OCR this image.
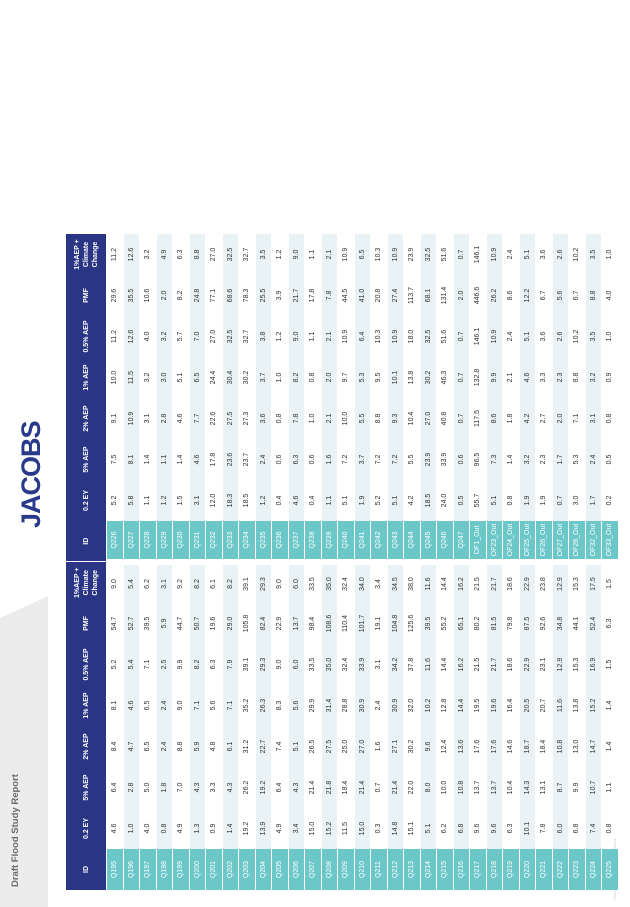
Draft Flood Study Report
JACOBS
ID	0.2 EY	5% AEP	2% AEP	1% AEP	0.5% AEP	PMF	1%AEP + Climate Change	ID	0.2 EY	5% AEP	2% AEP	1% AEP	0.5% AEP	PMF	1%AEP + Climate Change
Q195	4.6	6.4	8.4	8.1	5.2	54.7	9.0	Q226	5.2	7.5	9.1	10.0	11.2	29.6	11.2
Q196	1.0	2.8	4.7	4.6	5.4	52.7	5.4	Q227	5.8	8.1	10.9	11.5	12.6	35.5	12.6
Q197	4.0	5.0	6.5	6.5	7.1	39.5	6.2	Q228	1.1	1.4	3.1	3.2	4.0	10.6	3.2
Q198	0.8	1.8	2.4	2.4	2.5	5.9	3.1	Q229	1.2	1.1	2.8	3.0	3.2	2.0	4.9
Q199	4.9	7.0	8.8	9.0	9.9	44.7	9.2	Q230	1.5	1.4	4.6	5.1	5.7	8.2	6.3
Q200	1.3	4.3	5.9	7.1	8.2	50.7	8.2	Q231	3.1	4.6	7.7	6.5	7.0	24.8	8.8
Q201	0.9	3.3	4.8	5.6	6.3	19.6	6.1	Q232	12.0	17.8	22.6	24.4	27.0	77.1	27.0
Q202	1.4	4.3	6.1	7.1	7.9	29.0	8.2	Q233	18.3	23.6	27.5	30.4	32.5	68.6	32.5
Q203	19.2	26.2	31.2	35.2	39.1	105.8	39.1	Q234	18.5	23.7	27.3	30.2	32.7	78.3	32.7
Q204	13.9	19.2	22.7	26.3	29.3	82.4	29.3	Q235	1.2	2.4	3.6	3.7	3.8	25.5	3.5
Q205	4.9	6.4	7.4	8.3	9.0	22.9	9.0	Q236	0.4	0.6	0.8	1.0	1.2	3.9	1.2
Q206	3.4	4.3	5.1	5.6	6.0	13.7	6.0	Q237	4.6	6.3	7.8	8.2	9.0	21.7	9.0
Q207	15.0	21.4	26.5	29.9	33.5	98.4	33.5	Q238	0.4	0.6	1.0	0.8	1.1	17.8	1.1
Q208	15.2	21.8	27.5	31.4	35.0	108.6	35.0	Q239	1.1	1.6	2.1	2.0	2.1	7.8	2.1
Q209	11.5	18.4	25.0	28.8	32.4	110.4	32.4	Q240	5.1	7.2	10.0	9.7	10.9	44.5	10.9
Q210	15.0	21.4	27.0	30.9	33.9	101.7	34.0	Q241	1.9	3.7	5.5	5.3	6.4	41.0	6.5
Q211	0.3	0.7	1.6	2.4	3.1	19.1	3.4	Q242	5.2	7.2	8.8	9.5	10.3	20.8	10.3
Q212	14.8	21.4	27.1	30.9	34.2	104.8	34.5	Q243	5.1	7.2	9.3	10.1	10.9	27.4	10.9
Q213	15.1	22.0	30.2	32.0	37.8	125.6	38.0	Q244	4.2	5.5	10.4	13.8	18.0	113.7	23.9
Q214	5.1	8.0	9.6	10.2	11.6	39.5	11.6	Q245	18.5	23.9	27.0	30.2	32.5	68.1	32.5
Q215	6.2	10.0	12.4	12.8	14.4	55.2	14.4	Q246	24.0	33.9	40.8	46.3	51.6	131.4	51.6
Q216	6.8	10.8	13.6	14.4	16.2	65.1	16.2	Q247	0.5	0.6	0.7	0.7	0.7	2.0	0.7
Q217	9.6	13.7	17.6	19.5	21.5	80.2	21.5	OF1_Out	55.7	96.5	117.5	132.8	146.1	446.6	146.1
Q218	9.6	13.7	17.6	19.6	21.7	81.5	21.7	OF23_Out	5.1	7.3	8.6	9.9	10.9	26.2	10.9
Q219	6.3	10.4	14.6	16.4	18.6	79.8	18.6	OF24_Out	0.8	1.4	1.8	2.1	2.4	8.6	2.4
Q220	10.1	14.3	18.7	20.5	22.9	87.5	22.9	OF25_Out	1.9	3.2	4.2	4.6	5.1	12.2	5.1
Q221	7.8	13.1	18.4	20.7	23.1	92.6	23.8	OF26_Out	1.9	2.3	2.7	3.3	3.6	6.7	3.6
Q222	6.0	8.7	10.8	11.6	12.9	34.8	12.9	OF27_Out	0.7	1.7	2.0	2.3	2.6	5.6	2.6
Q223	6.8	9.9	13.0	13.8	15.3	44.1	15.3	OF28_Out	3.0	5.3	7.1	8.8	10.2	6.7	10.2
Q224	7.4	10.7	14.7	15.2	16.9	52.4	17.5	OF32_Out	1.7	2.4	3.1	3.2	3.5	8.8	3.5
Q225	0.8	1.1	1.4	1.4	1.5	6.3	1.5	OF33_Out	0.2	0.5	0.8	0.9	1.0	4.0	1.0
